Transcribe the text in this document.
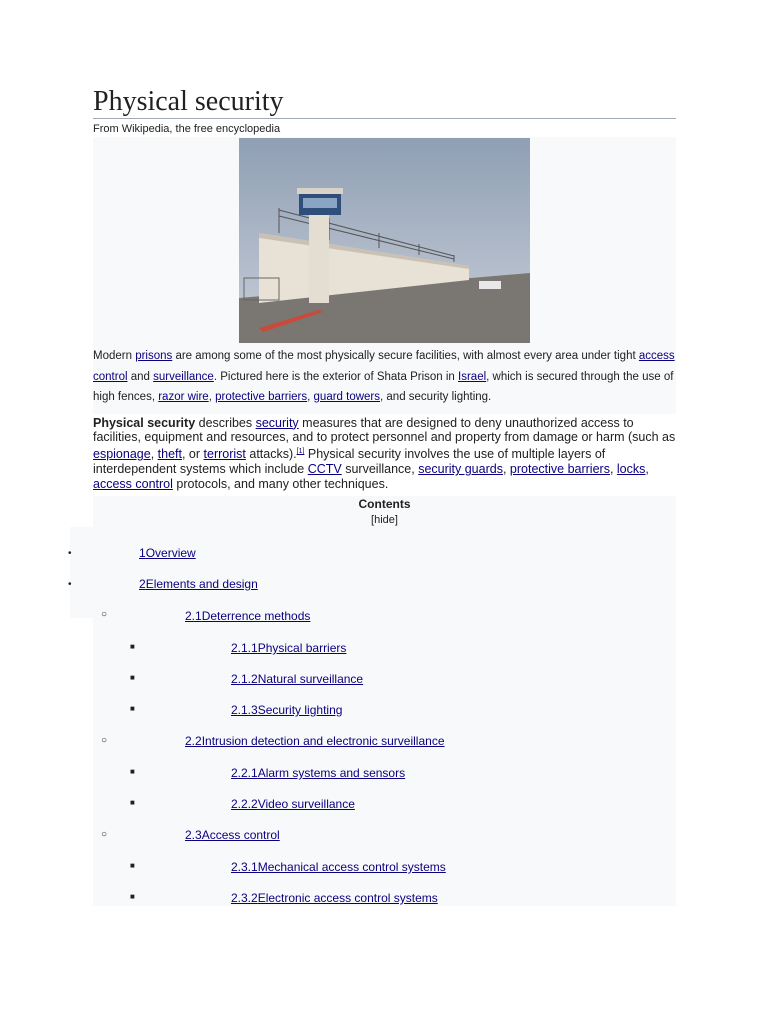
Physical security
From Wikipedia, the free encyclopedia
Modern prisons are among some of the most physically secure facilities, with almost every area under tight access control and surveillance. Pictured here is the exterior of Shata Prison in Israel, which is secured through the use of high fences, razor wire, protective barriers, guard towers, and security lighting.
Physical security describes security measures that are designed to deny unauthorized access to facilities, equipment and resources, and to protect personnel and property from damage or harm (such as espionage, theft, or terrorist attacks).[1] Physical security involves the use of multiple layers of interdependent systems which include CCTV surveillance, security guards, protective barriers, locks, access control protocols, and many other techniques.
Contents
[hide]
•	1Overview
•	2Elements and design
○	2.1Deterrence methods
■	2.1.1Physical barriers
■	2.1.2Natural surveillance
■	2.1.3Security lighting
○	2.2Intrusion detection and electronic surveillance
■	2.2.1Alarm systems and sensors
■	2.2.2Video surveillance
○	2.3Access control
■	2.3.1Mechanical access control systems
■	2.3.2Electronic access control systems
